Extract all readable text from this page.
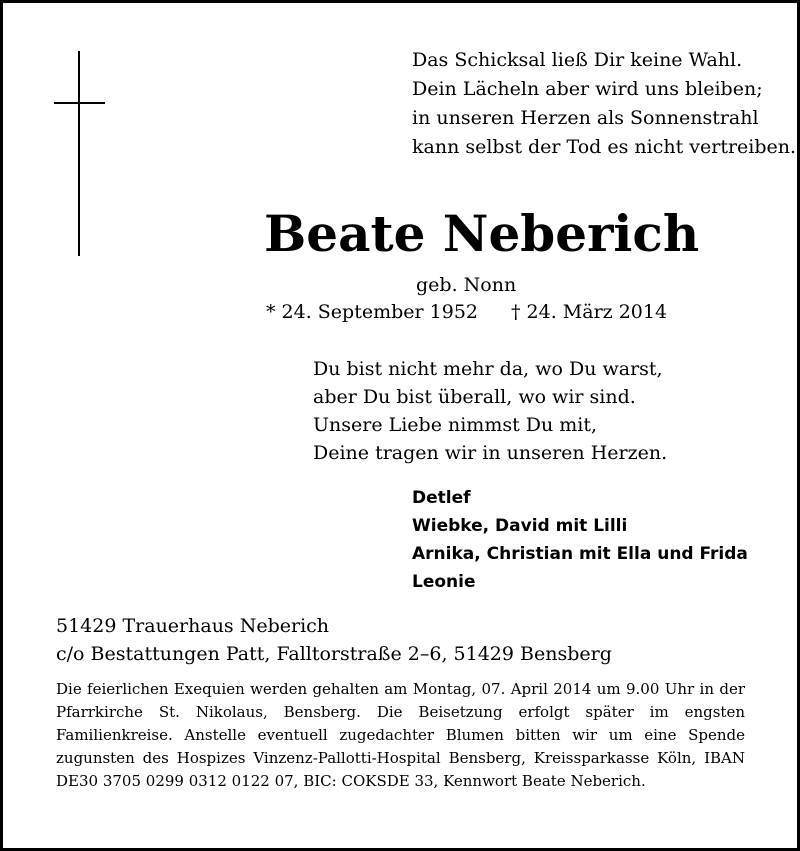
Das Schicksal ließ Dir keine Wahl.
Dein Lächeln aber wird uns bleiben;
in unseren Herzen als Sonnenstrahl
kann selbst der Tod es nicht vertreiben.
Beate Neberich
geb. Nonn
* 24. September 1952 † 24. März 2014
Du bist nicht mehr da, wo Du warst,
aber Du bist überall, wo wir sind.
Unsere Liebe nimmst Du mit,
Deine tragen wir in unseren Herzen.
Detlef
Wiebke, David mit Lilli
Arnika, Christian mit Ella und Frida
Leonie
51429 Trauerhaus Neberich
c/o Bestattungen Patt, Falltorstraße 2–6, 51429 Bensberg
Die feierlichen Exequien werden gehalten am Montag, 07. April 2014 um 9.00 Uhr in der Pfarrkirche St. Nikolaus, Bensberg. Die Beisetzung erfolgt später im engsten Familienkreise. Anstelle eventuell zugedachter Blumen bitten wir um eine Spende zugunsten des Hospizes Vinzenz-Pallotti-Hospital Bensberg, Kreissparkasse Köln, IBAN DE30 3705 0299 0312 0122 07, BIC: COKSDE 33, Kennwort Beate Neberich.
